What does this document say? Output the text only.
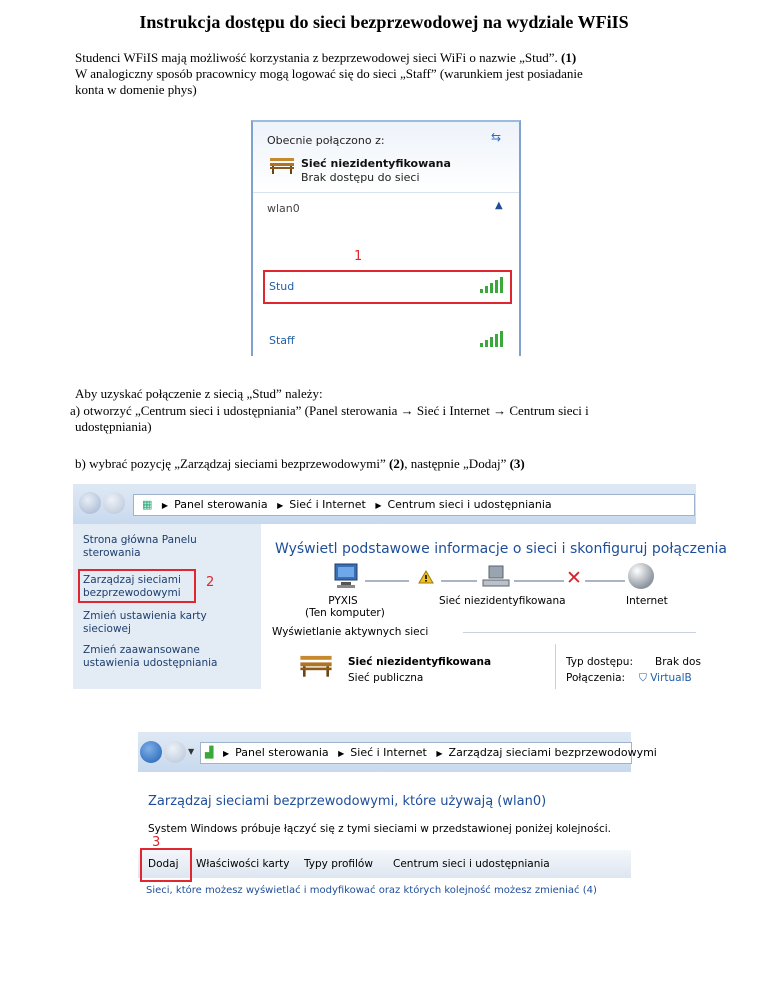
Instrukcja dostępu do sieci bezprzewodowej na wydziale WFiIS
Studenci WFiIS mają możliwość korzystania z bezprzewodowej sieci WiFi o nazwie „Stud”. (1)
W analogiczny sposób pracownicy mogą logować się do sieci „Staff” (warunkiem jest posiadanie
konta w domenie phys)
Obecnie połączono z:	⇆
Sieć niezidentyfikowana
Brak dostępu do sieci
wlan0	▲
1
Stud
Staff
Aby uzyskać połączenie z siecią „Stud” należy:
a) otworzyć „Centrum sieci i udostępniania” (Panel sterowania → Sieć i Internet → Centrum sieci i
udostępniania)
b) wybrać pozycję „Zarządzaj sieciami bezprzewodowymi” (2), następnie „Dodaj” (3)
▦ ▶ Panel sterowania ▶ Sieć i Internet ▶ Centrum sieci i udostępniania
Strona główna Panelu
sterowania
Zarządzaj sieciami
bezprzewodowymi
2
Zmień ustawienia karty
sieciowej
Zmień zaawansowane
ustawienia udostępniania
Wyświetl podstawowe informacje o sieci i skonfiguruj połączenia
✕
PYXIS
(Ten komputer)
Sieć niezidentyfikowana	Internet
Wyświetlanie aktywnych sieci
Sieć niezidentyfikowana
Sieć publiczna
Typ dostępu: Brak dos
Połączenia: ⛉ VirtualB
▼ ▟ ▶ Panel sterowania ▶ Sieć i Internet ▶ Zarządzaj sieciami bezprzewodowymi
Zarządzaj sieciami bezprzewodowymi, które używają (wlan0)
System Windows próbuje łączyć się z tymi sieciami w przedstawionej poniżej kolejności.
3
Dodaj Właściwości karty Typy profilów Centrum sieci i udostępniania
Sieci, które możesz wyświetlać i modyfikować oraz których kolejność możesz zmieniać (4)
